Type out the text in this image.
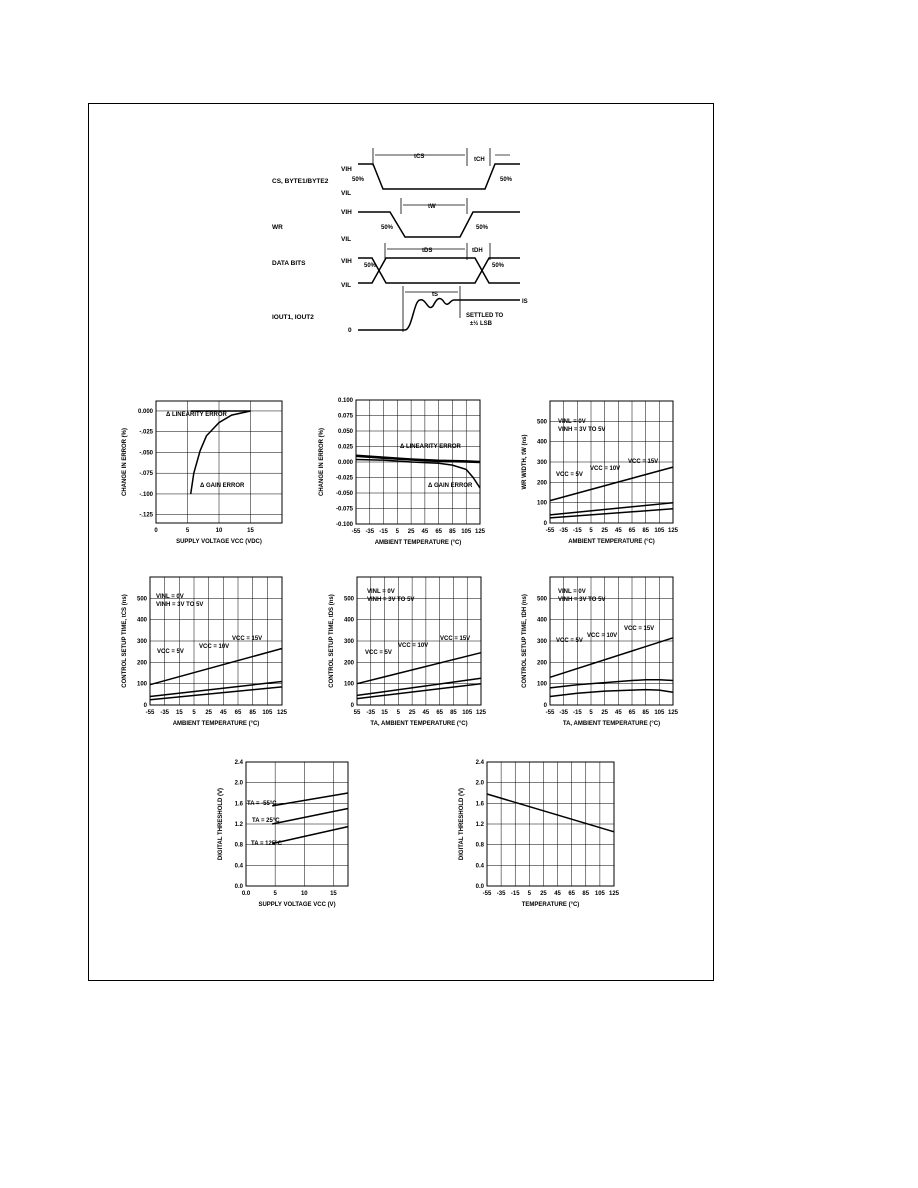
CS, BYTE1/BYTE2
WR
DATA BITS
IOUT1, IOUT2
VIH
VIL
VIH
VIL
VIH
VIL
0
50%	50%
tCS	tCH
tW
50%	50%
tDS	tDH
50%	50%
tS
SETTLED TO
±½ LSB
IS
0	5	10	15
0.000
-.025
-.050
-.075
-.100
-.125
SUPPLY VOLTAGE VCC (VDC)
CHANGE IN ERROR (%)
Δ LINEARITY ERROR
Δ GAIN ERROR
-55 -35 -15 5 25 45 65 85 105 125
0.100
0.075
0.050
0.025
0.000
-0.025
-0.050
-0.075
-0.100
AMBIENT TEMPERATURE (°C)
CHANGE IN ERROR (%)	Δ LINEARITY ERROR
Δ GAIN ERROR
-55 -35 -15 5 25 45 65 85 105 125
0
100
200
300
400
500
AMBIENT TEMPERATURE (°C)
WR WIDTH, tW (ns)
VINL = 0V
VINH = 3V TO 5V
VCC = 5V
VCC = 10V
VCC = 15V
-55 -35 15 5 25 45 65 85 105 125
0
100
200
300
400
500
AMBIENT TEMPERATURE (°C)
CONTROL SETUP TIME, tCS (ns)	VINL = 0V
VINH = 3V TO 5V
VCC = 5V
VCC = 10V
VCC = 15V
55 -35 15 5 25 45 65 85 105 125
0
100
200
300
400
500
TA, AMBIENT TEMPERATURE (°C)
CONTROL SETUP TIME, tDS (ns)
VINL = 0V
VINH = 3V TO 5V
VCC = 5V
VCC = 10V
VCC = 15V
-55 -35 -15 5 25 45 65 85 105 125
0
100
200
300
400
500
TA, AMBIENT TEMPERATURE (°C)
CONTROL SETUP TIME, tDH (ns)
VINL = 0V
VINH = 3V TO 5V
VCC = 5V
VCC = 10V
VCC = 15V
0.0	5	10	15
0.0
0.4
0.8
1.2
1.6
2.0
2.4
SUPPLY VOLTAGE VCC (V)
DIGITAL THRESHOLD (V)	TA = -55°C
TA = 25°C
TA = 125°C
-55 -35 -15 5 25 45 65 85 105 125
0.0
0.4
0.8
1.2
1.6
2.0
2.4
TEMPERATURE (°C)
DIGITAL THRESHOLD (V)
